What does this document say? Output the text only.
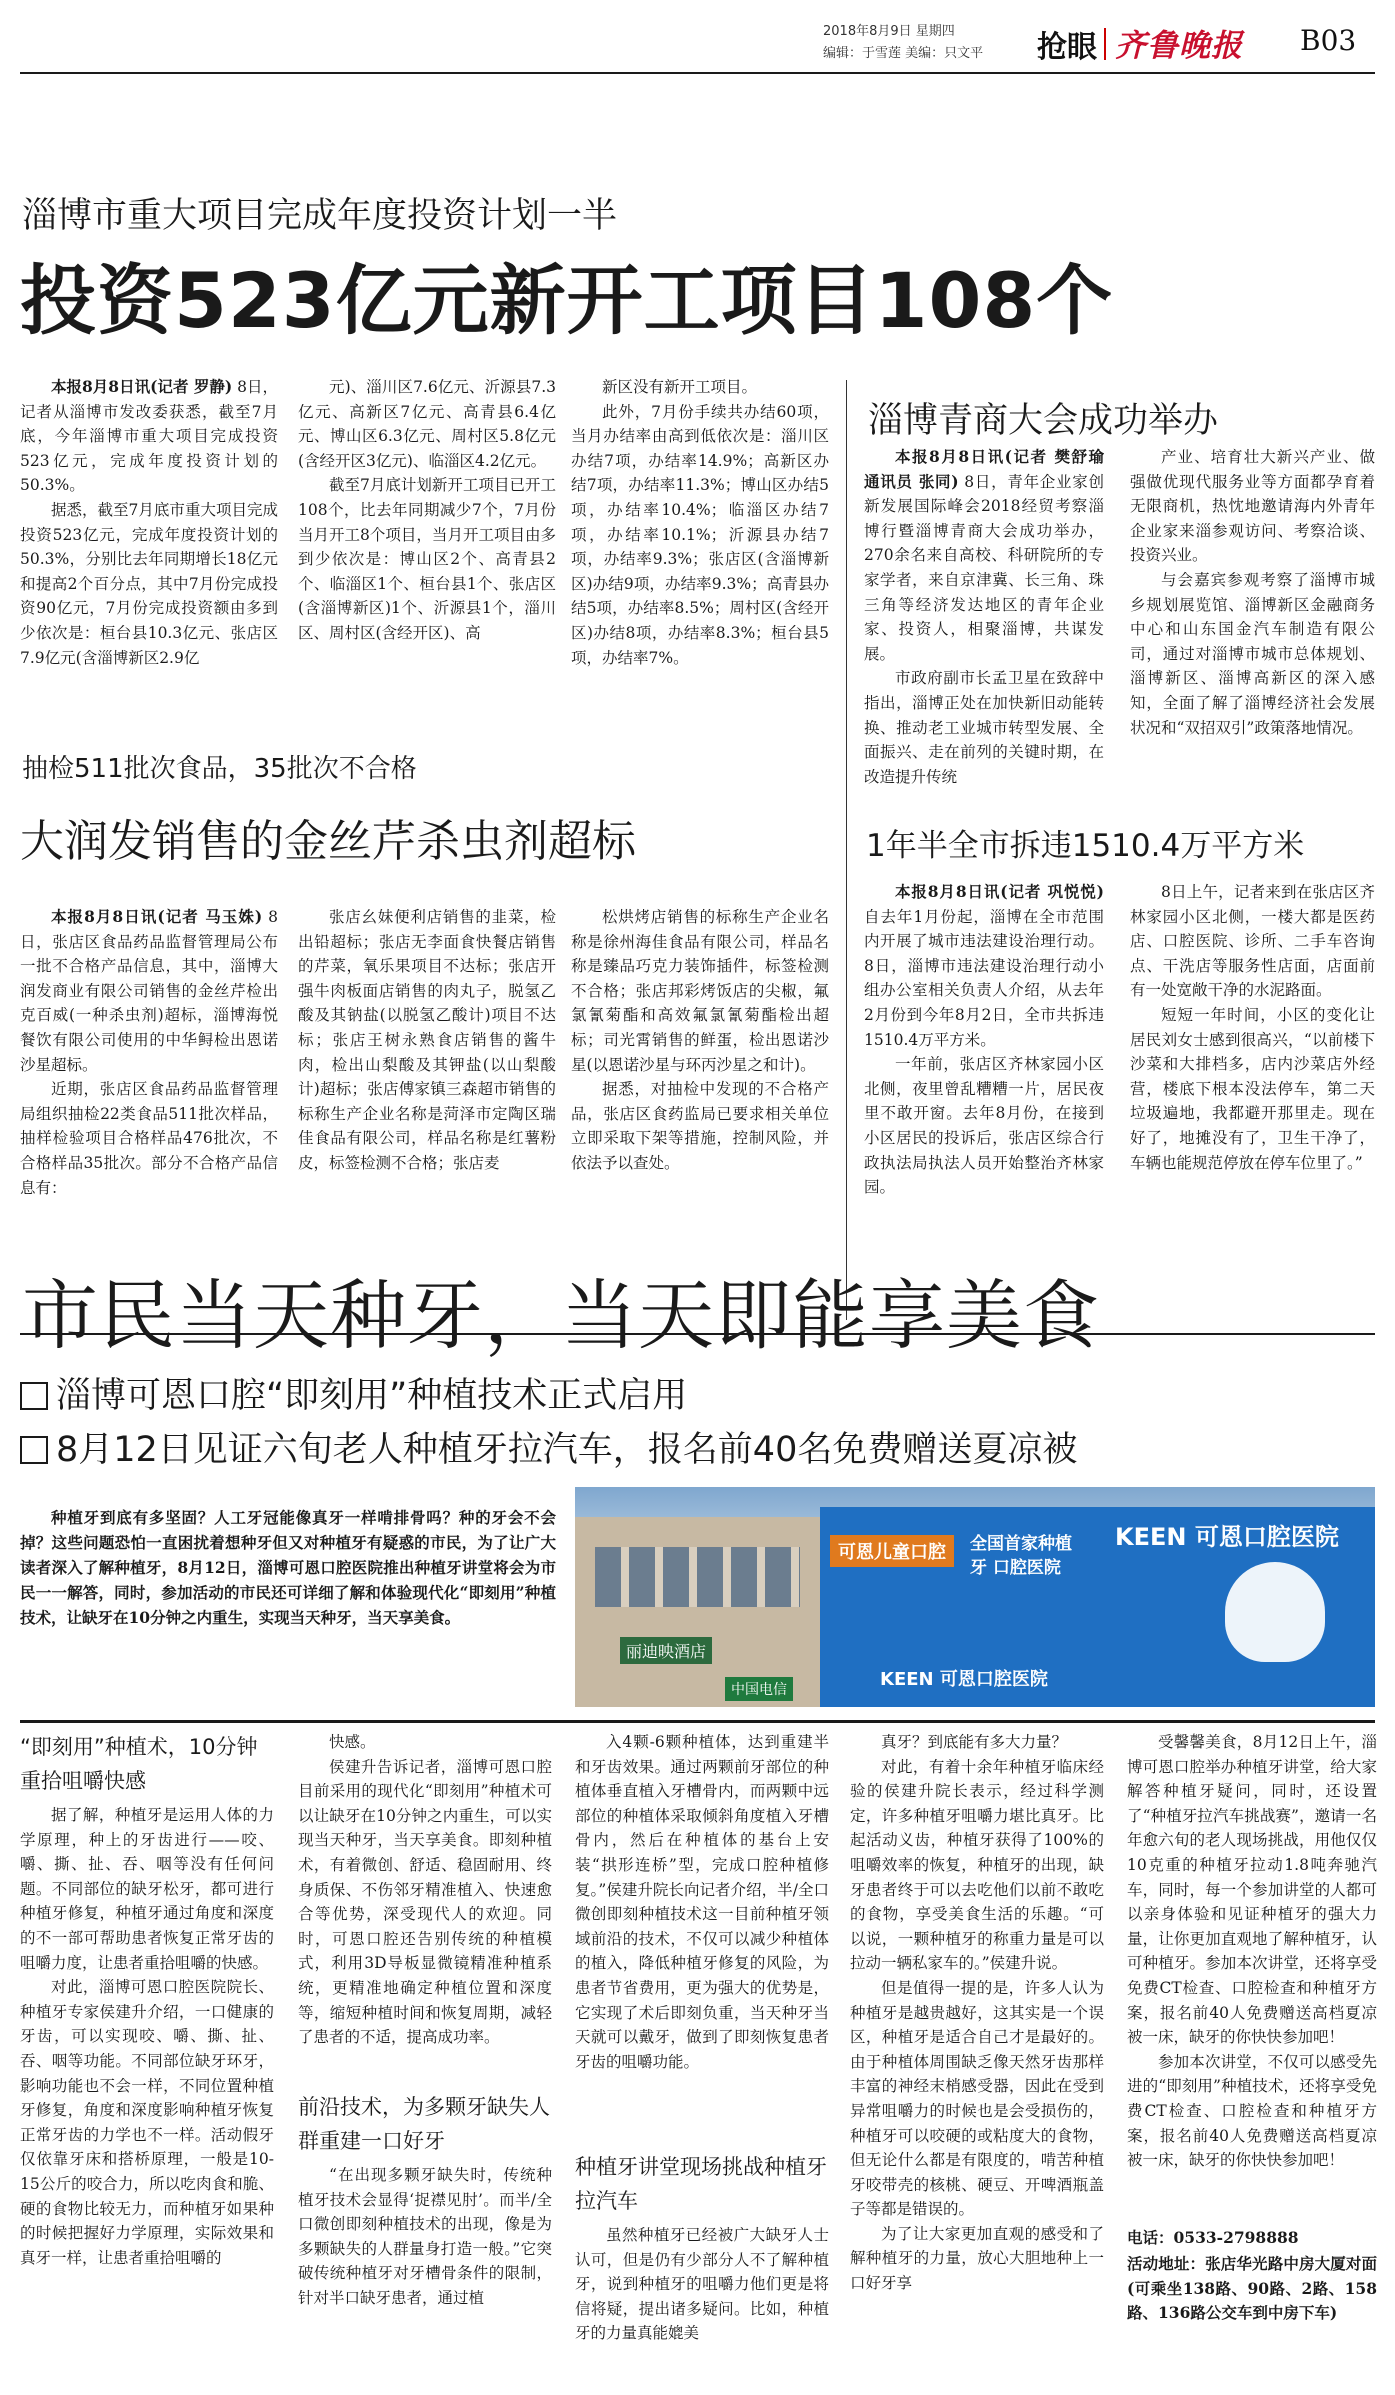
2018年8月9日 星期四
编辑：于雪莲 美编：只文平 抢眼 齐鲁晚报 B03
淄博市重大项目完成年度投资计划一半
投资523亿元新开工项目108个

本报8月8日讯(记者 罗静) 8日，记者从淄博市发改委获悉，截至7月底，今年淄博市重大项目完成投资523亿元，完成年度投资计划的50.3%。

据悉，截至7月底市重大项目完成投资523亿元，完成年度投资计划的50.3%，分别比去年同期增长18亿元和提高2个百分点，其中7月份完成投资90亿元，7月份完成投资额由多到少依次是：桓台县10.3亿元、张店区7.9亿元(含淄博新区2.9亿

元)、淄川区7.6亿元、沂源县7.3亿元、高新区7亿元、高青县6.4亿元、博山区6.3亿元、周村区5.8亿元(含经开区3亿元)、临淄区4.2亿元。

截至7月底计划新开工项目已开工108个，比去年同期减少7个，7月份当月开工8个项目，当月开工项目由多到少依次是：博山区2个、高青县2个、临淄区1个、桓台县1个、张店区(含淄博新区)1个、沂源县1个，淄川区、周村区(含经开区)、高

新区没有新开工项目。

此外，7月份手续共办结60项，当月办结率由高到低依次是：淄川区办结7项，办结率14.9%；高新区办结7项，办结率11.3%；博山区办结5项，办结率10.4%；临淄区办结7项，办结率10.1%；沂源县办结7项，办结率9.3%；张店区(含淄博新区)办结9项，办结率9.3%；高青县办结5项，办结率8.5%；周村区(含经开区)办结8项，办结率8.3%；桓台县5项，办结率7%。

淄博青商大会成功举办

本报8月8日讯(记者 樊舒瑜 通讯员 张同) 8日，青年企业家创新发展国际峰会2018经贸考察淄博行暨淄博青商大会成功举办，270余名来自高校、科研院所的专家学者，来自京津冀、长三角、珠三角等经济发达地区的青年企业家、投资人，相聚淄博，共谋发展。

市政府副市长孟卫星在致辞中指出，淄博正处在加快新旧动能转换、推动老工业城市转型发展、全面振兴、走在前列的关键时期，在改造提升传统

产业、培育壮大新兴产业、做强做优现代服务业等方面都孕育着无限商机，热忱地邀请海内外青年企业家来淄参观访问、考察洽谈、投资兴业。

与会嘉宾参观考察了淄博市城乡规划展览馆、淄博新区金融商务中心和山东国金汽车制造有限公司，通过对淄博市城市总体规划、淄博新区、淄博高新区的深入感知，全面了解了淄博经济社会发展状况和“双招双引”政策落地情况。

抽检511批次食品，35批次不合格
大润发销售的金丝芹杀虫剂超标

本报8月8日讯(记者 马玉姝) 8日，张店区食品药品监督管理局公布一批不合格产品信息，其中，淄博大润发商业有限公司销售的金丝芹检出克百威(一种杀虫剂)超标，淄博海悦餐饮有限公司使用的中华鲟检出恩诺沙星超标。

近期，张店区食品药品监督管理局组织抽检22类食品511批次样品，抽样检验项目合格样品476批次，不合格样品35批次。部分不合格产品信息有：

张店幺妹便利店销售的韭菜，检出铅超标；张店无李面食快餐店销售的芹菜，氧乐果项目不达标；张店开强牛肉板面店销售的肉丸子，脱氢乙酸及其钠盐(以脱氢乙酸计)项目不达标；张店王树永熟食店销售的酱牛肉，检出山梨酸及其钾盐(以山梨酸计)超标；张店傅家镇三森超市销售的标称生产企业名称是菏泽市定陶区瑞佳食品有限公司，样品名称是红薯粉皮，标签检测不合格；张店麦

松烘烤店销售的标称生产企业名称是徐州海佳食品有限公司，样品名称是臻品巧克力装饰插件，标签检测不合格；张店邦彩烤饭店的尖椒，氟氯氰菊酯和高效氟氯氰菊酯检出超标；司光霄销售的鲜蛋，检出恩诺沙星(以恩诺沙星与环丙沙星之和计)。

据悉，对抽检中发现的不合格产品，张店区食药监局已要求相关单位立即采取下架等措施，控制风险，并依法予以查处。

1年半全市拆违1510.4万平方米

本报8月8日讯(记者 巩悦悦) 自去年1月份起，淄博在全市范围内开展了城市违法建设治理行动。8日，淄博市违法建设治理行动小组办公室相关负责人介绍，从去年2月份到今年8月2日，全市共拆违1510.4万平方米。

一年前，张店区齐林家园小区北侧，夜里曾乱糟糟一片，居民夜里不敢开窗。去年8月份，在接到小区居民的投诉后，张店区综合行政执法局执法人员开始整治齐林家园。

8日上午，记者来到在张店区齐林家园小区北侧，一楼大都是医药店、口腔医院、诊所、二手车咨询点、干洗店等服务性店面，店面前有一处宽敞干净的水泥路面。

短短一年时间，小区的变化让居民刘女士感到很高兴，“以前楼下沙菜和大排档多，店内沙菜店外经营，楼底下根本没法停车，第二天垃圾遍地，我都避开那里走。现在好了，地摊没有了，卫生干净了，车辆也能规范停放在停车位里了。”

市民当天种牙，当天即能享美食
淄博可恩口腔“即刻用”种植技术正式启用
8月12日见证六旬老人种植牙拉汽车，报名前40名免费赠送夏凉被
种植牙到底有多坚固？人工牙冠能像真牙一样啃排骨吗？种的牙会不会掉？这些问题恐怕一直困扰着想种牙但又对种植牙有疑惑的市民，为了让广大读者深入了解种植牙，8月12日，淄博可恩口腔医院推出种植牙讲堂将会为市民一一解答，同时，参加活动的市民还可详细了解和体验现代化“即刻用”种植技术，让缺牙在10分钟之内重生，实现当天种牙，当天享美食。
丽迪映酒店
中国电信
可恩儿童口腔	全国首家种植牙 口腔医院
KEEN 可恩口腔医院
KEEN 可恩口腔医院
“即刻用”种植术，10分钟重拾咀嚼快感

据了解，种植牙是运用人体的力学原理，种上的牙齿进行——咬、嚼、撕、扯、吞、咽等没有任何问题。不同部位的缺牙松牙，都可进行种植牙修复，种植牙通过角度和深度的不一部可帮助患者恢复正常牙齿的咀嚼力度，让患者重拾咀嚼的快感。

对此，淄博可恩口腔医院院长、种植牙专家侯建升介绍，一口健康的牙齿，可以实现咬、嚼、撕、扯、吞、咽等功能。不同部位缺牙环牙，影响功能也不会一样，不同位置种植牙修复，角度和深度影响种植牙恢复正常牙齿的力学也不一样。活动假牙仅依靠牙床和搭桥原理，一般是10-15公斤的咬合力，所以吃肉食和脆、硬的食物比较无力，而种植牙如果种的时候把握好力学原理，实际效果和真牙一样，让患者重拾咀嚼的

快感。

侯建升告诉记者，淄博可恩口腔目前采用的现代化“即刻用”种植术可以让缺牙在10分钟之内重生，可以实现当天种牙，当天享美食。即刻种植术，有着微创、舒适、稳固耐用、终身质保、不伤邻牙精准植入、快速愈合等优势，深受现代人的欢迎。同时，可恩口腔还告别传统的种植模式，利用3D导板显微镜精准种植系统，更精准地确定种植位置和深度等，缩短种植时间和恢复周期，减轻了患者的不适，提高成功率。

前沿技术，为多颗牙缺失人群重建一口好牙

“在出现多颗牙缺失时，传统种植牙技术会显得‘捉襟见肘’。而半/全口微创即刻种植技术的出现，像是为多颗缺失的人群量身打造一般。”它突破传统种植牙对牙槽骨条件的限制，针对半口缺牙患者，通过植

入4颗-6颗种植体，达到重建半和牙齿效果。通过两颗前牙部位的种植体垂直植入牙槽骨内，而两颗中远部位的种植体采取倾斜角度植入牙槽骨内，然后在种植体的基台上安装“拱形连桥”型，完成口腔种植修复。”侯建升院长向记者介绍，半/全口微创即刻种植技术这一目前种植牙领域前沿的技术，不仅可以减少种植体的植入，降低种植牙修复的风险，为患者节省费用，更为强大的优势是，它实现了术后即刻负重，当天种牙当天就可以戴牙，做到了即刻恢复患者牙齿的咀嚼功能。

种植牙讲堂现场挑战种植牙拉汽车

虽然种植牙已经被广大缺牙人士认可，但是仍有少部分人不了解种植牙，说到种植牙的咀嚼力他们更是将信将疑，提出诸多疑问。比如，种植牙的力量真能媲美

真牙？到底能有多大力量？

对此，有着十余年种植牙临床经验的侯建升院长表示，经过科学测定，许多种植牙咀嚼力堪比真牙。比起活动义齿，种植牙获得了100%的咀嚼效率的恢复，种植牙的出现，缺牙患者终于可以去吃他们以前不敢吃的食物，享受美食生活的乐趣。“可以说，一颗种植牙的称重力量是可以拉动一辆私家车的。”侯建升说。

但是值得一提的是，许多人认为种植牙是越贵越好，这其实是一个误区，种植牙是适合自己才是最好的。由于种植体周围缺乏像天然牙齿那样丰富的神经末梢感受器，因此在受到异常咀嚼力的时候也是会受损伤的，种植牙可以咬硬的或粘度大的食物，但无论什么都是有限度的，啃苦种植牙咬带壳的核桃、硬豆、开啤酒瓶盖子等都是错误的。

为了让大家更加直观的感受和了解种植牙的力量，放心大胆地种上一口好牙享

受馨馨美食，8月12日上午，淄博可恩口腔举办种植牙讲堂，给大家解答种植牙疑问，同时，还设置了“种植牙拉汽车挑战赛”，邀请一名年愈六旬的老人现场挑战，用他仅仅10克重的种植牙拉动1.8吨奔驰汽车，同时，每一个参加讲堂的人都可以亲身体验和见证种植牙的强大力量，让你更加直观地了解种植牙，认可种植牙。参加本次讲堂，还将享受免费CT检查、口腔检查和种植牙方案，报名前40人免费赠送高档夏凉被一床，缺牙的你快快参加吧！

参加本次讲堂，不仅可以感受先进的“即刻用”种植技术，还将享受免费CT检查、口腔检查和种植牙方案，报名前40人免费赠送高档夏凉被一床，缺牙的你快快参加吧！

电话：0533-2798888
活动地址：张店华光路中房大厦对面(可乘坐138路、90路、2路、158路、136路公交车到中房下车)
